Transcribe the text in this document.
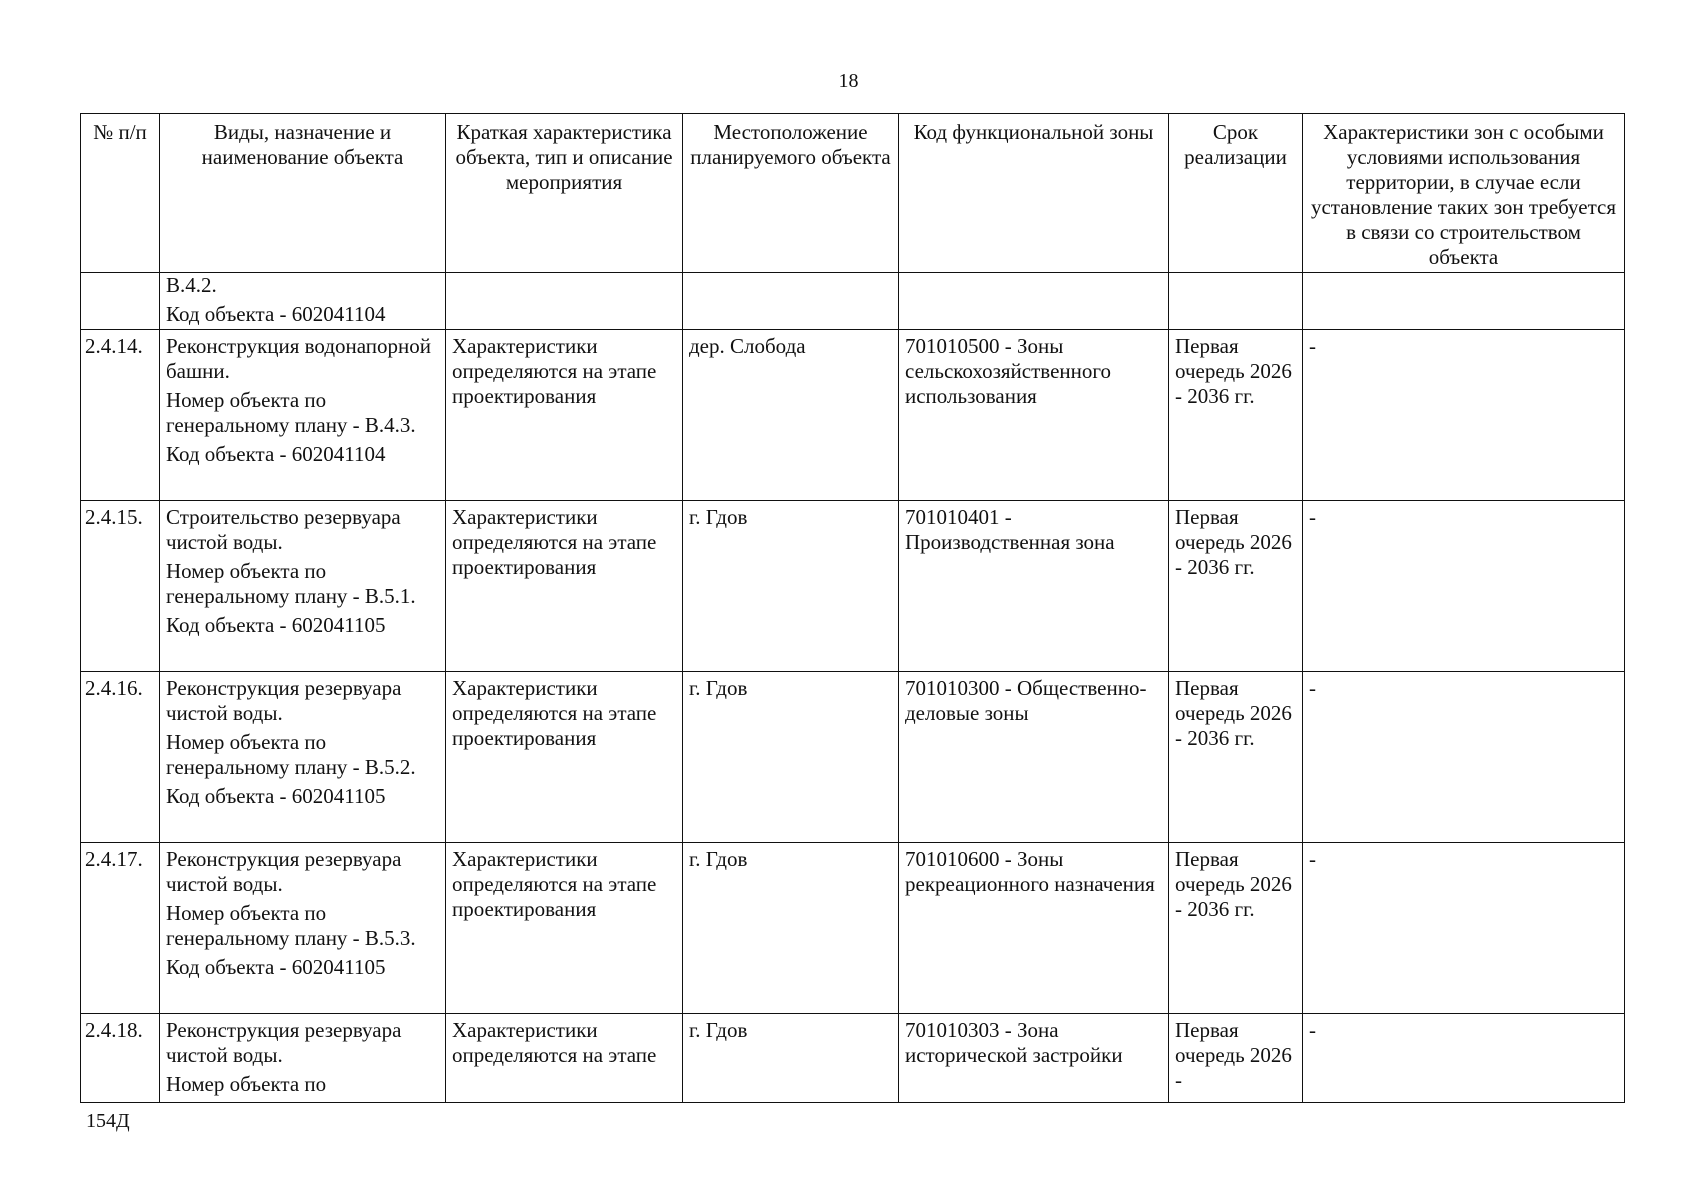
18
№ п/п	Виды, назначение и наименование объекта	Краткая характеристика объекта, тип и описание мероприятия	Местоположение планируемого объекта	Код функциональной зоны	Срок реализации	Характеристики зон с особыми условиями использования территории, в случае если установление таких зон требуется в связи со строительством объекта

	В.4.2.

Код объекта - 602041104					

2.4.14.	Реконструкция водонапорной башни.

Номер объекта по генеральному плану - В.4.3.

Код объекта - 602041104	Характеристики определяются на этапе проектирования	дер. Слобода	701010500 - Зоны сельскохозяйственного использования	Первая очередь 2026 - 2036 гг.	-
2.4.15.	Строительство резервуара чистой воды.

Номер объекта по генеральному плану - В.5.1.

Код объекта - 602041105	Характеристики определяются на этапе проектирования	г. Гдов	701010401 - Производственная зона	Первая очередь 2026 - 2036 гг.	-
2.4.16.	Реконструкция резервуара чистой воды.

Номер объекта по генеральному плану - В.5.2.

Код объекта - 602041105	Характеристики определяются на этапе проектирования	г. Гдов	701010300 - Общественно-деловые зоны	Первая очередь 2026 - 2036 гг.	-
2.4.17.	Реконструкция резервуара чистой воды.

Номер объекта по генеральному плану - В.5.3.

Код объекта - 602041105	Характеристики определяются на этапе проектирования	г. Гдов	701010600 - Зоны рекреационного назначения	Первая очередь 2026 - 2036 гг.	-
2.4.18.	Реконструкция резервуара чистой воды.

Номер объекта по	Характеристики определяются на этапе	г. Гдов	701010303 - Зона исторической застройки	Первая очередь 2026 -	-
154Д
